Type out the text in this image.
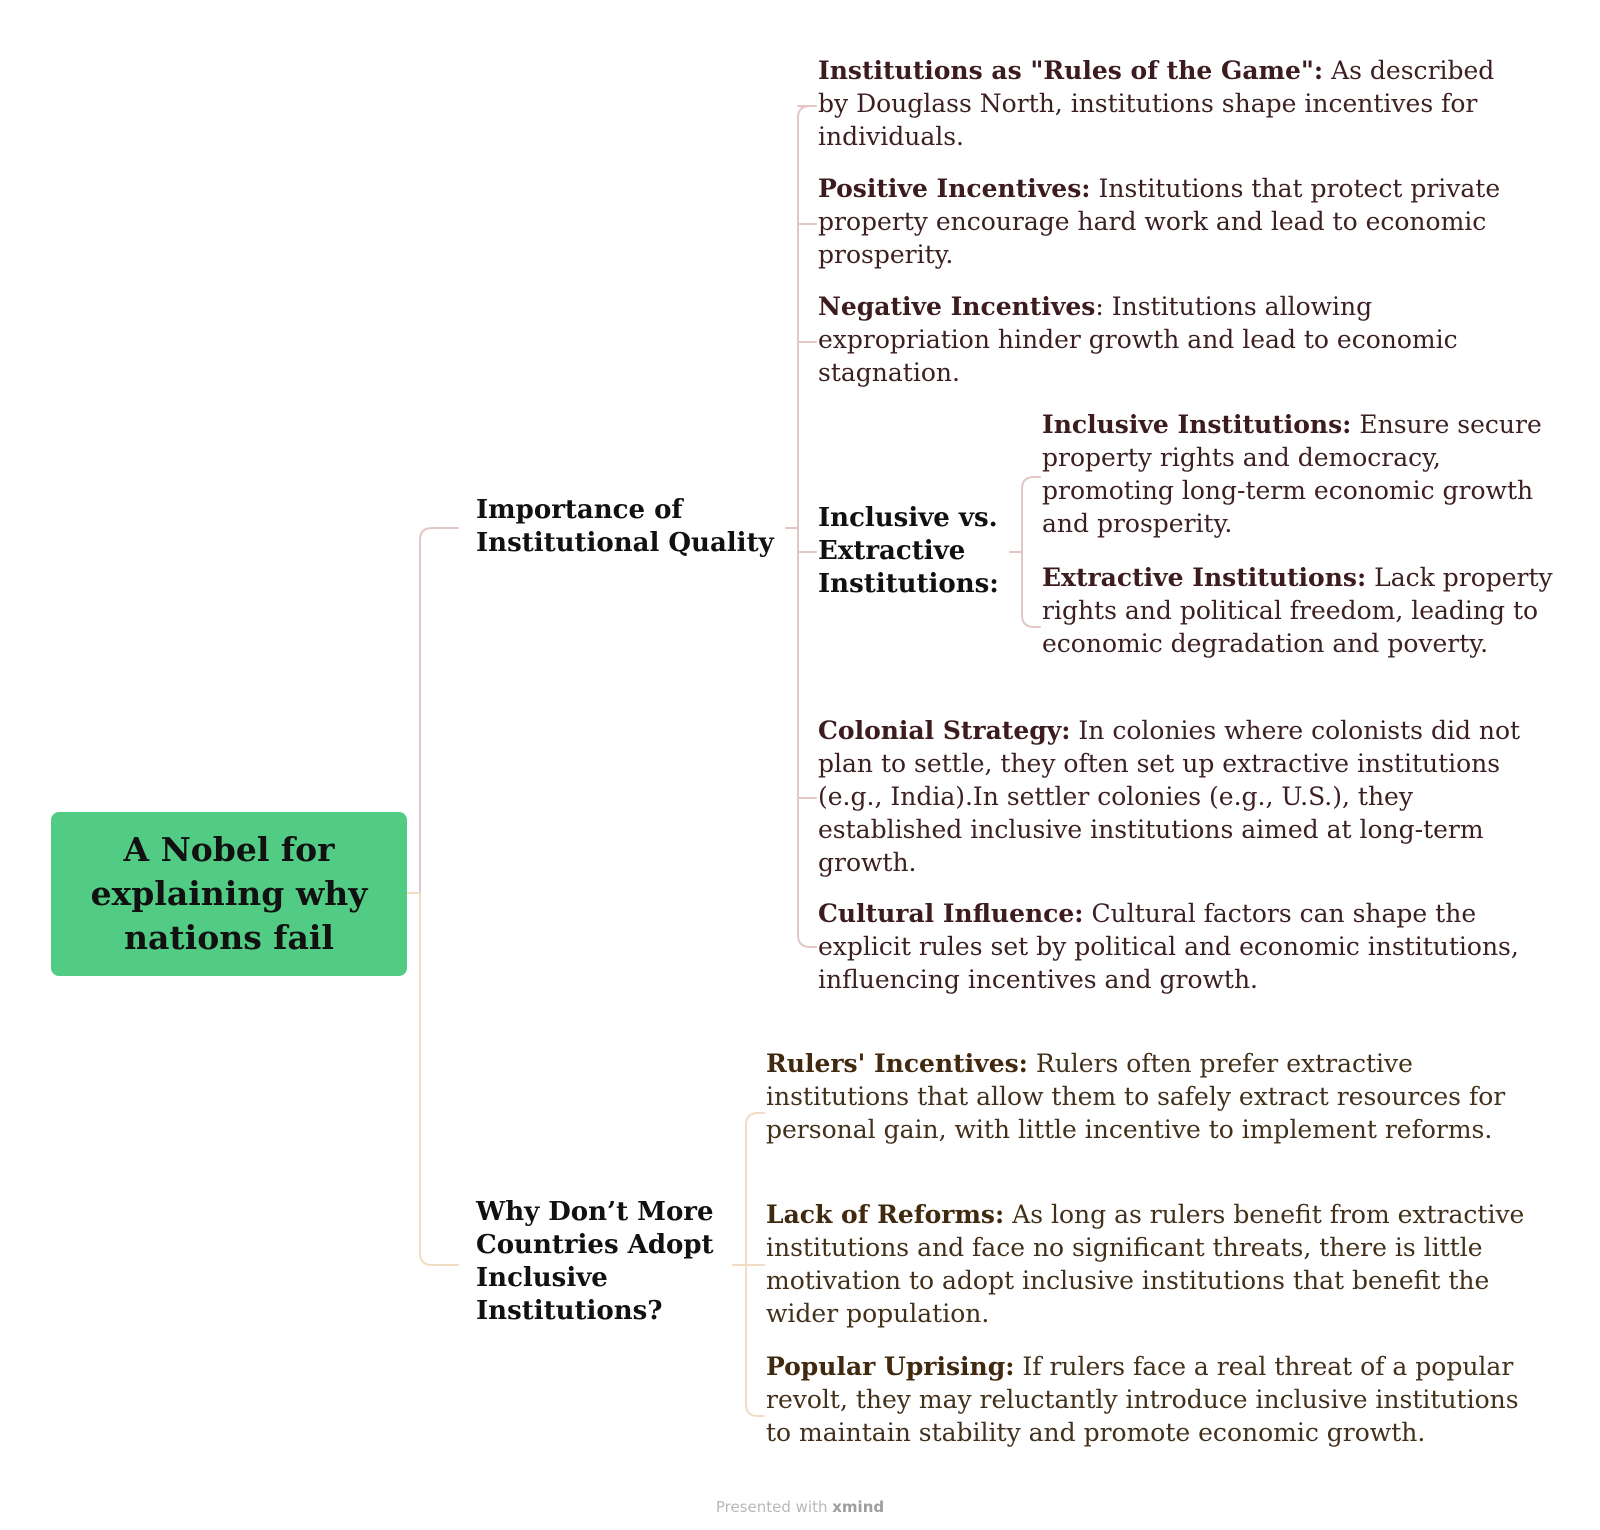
A Nobel for explaining why nations fail
Importance of Institutional Quality

Institutions as "Rules of the Game": As described by Douglass North, institutions shape incentives for individuals.

Positive Incentives: Institutions that protect private property encourage hard work and lead to economic prosperity.

Negative Incentives: Institutions allowing expropriation hinder growth and lead to economic stagnation.

Inclusive vs. Extractive Institutions:

Inclusive Institutions: Ensure secure property rights and democracy, promoting long-term economic growth and prosperity.

Extractive Institutions: Lack property rights and political freedom, leading to economic degradation and poverty.

Colonial Strategy: In colonies where colonists did not plan to settle, they often set up extractive institutions (e.g., India).In settler colonies (e.g., U.S.), they established inclusive institutions aimed at long-term growth.

Cultural Influence: Cultural factors can shape the explicit rules set by political and economic institutions, influencing incentives and growth.

Why Don’t More Countries Adopt Inclusive Institutions?

Rulers' Incentives: Rulers often prefer extractive institutions that allow them to safely extract resources for personal gain, with little incentive to implement reforms.

Lack of Reforms: As long as rulers benefit from extractive institutions and face no significant threats, there is little motivation to adopt inclusive institutions that benefit the wider population.

Popular Uprising: If rulers face a real threat of a popular revolt, they may reluctantly introduce inclusive institutions to maintain stability and promote economic growth.

Presented with xmind
